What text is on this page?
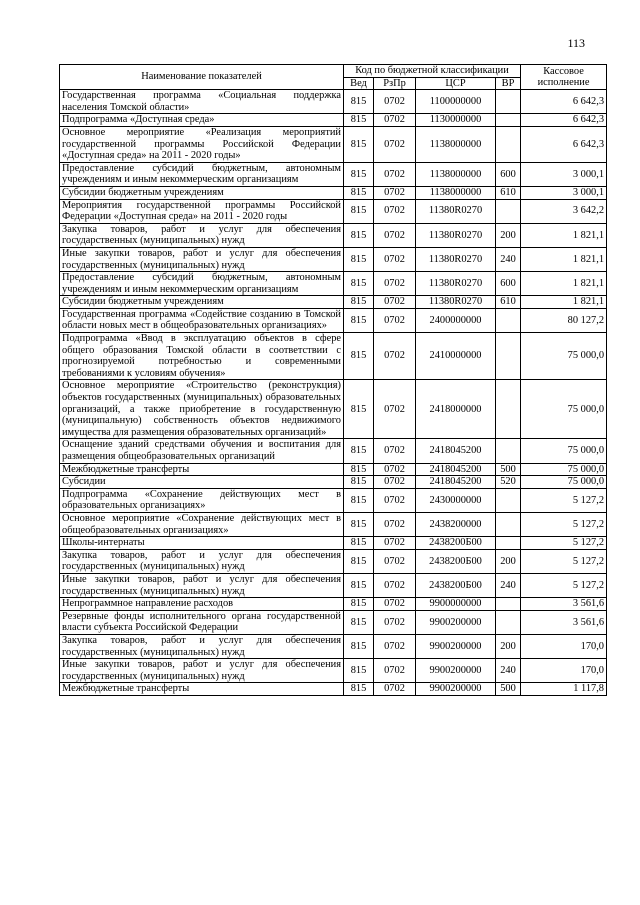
113
Наименование показателей	Код по бюджетной классификации				Кассовое исполнение
	Вед	РзПр	ЦСР	ВР	
Государственная программа «Социальная поддержка населения Томской области»	815	0702	1100000000		6 642,3
Подпрограмма «Доступная среда»	815	0702	1130000000		6 642,3
Основное мероприятие «Реализация мероприятий государственной программы Российской Федерации «Доступная среда» на 2011 - 2020 годы»	815	0702	1138000000		6 642,3
Предоставление субсидий бюджетным, автономным учреждениям и иным некоммерческим организациям	815	0702	1138000000	600	3 000,1
Субсидии бюджетным учреждениям	815	0702	1138000000	610	3 000,1
Мероприятия государственной программы Российской Федерации «Доступная среда» на 2011 - 2020 годы	815	0702	11380R0270		3 642,2
Закупка товаров, работ и услуг для обеспечения государственных (муниципальных) нужд	815	0702	11380R0270	200	1 821,1
Иные закупки товаров, работ и услуг для обеспечения государственных (муниципальных) нужд	815	0702	11380R0270	240	1 821,1
Предоставление субсидий бюджетным, автономным учреждениям и иным некоммерческим организациям	815	0702	11380R0270	600	1 821,1
Субсидии бюджетным учреждениям	815	0702	11380R0270	610	1 821,1
Государственная программа «Содействие созданию в Томской области новых мест в общеобразовательных организациях»	815	0702	2400000000		80 127,2
Подпрограмма «Ввод в эксплуатацию объектов в сфере общего образования Томской области в соответствии с прогнозируемой потребностью и современными требованиями к условиям обучения»	815	0702	2410000000		75 000,0
Основное мероприятие «Строительство (реконструкция) объектов государственных (муниципальных) образовательных организаций, а также приобретение в государственную (муниципальную) собственность объектов недвижимого имущества для размещения образовательных организаций»	815	0702	2418000000		75 000,0
Оснащение зданий средствами обучения и воспитания для размещения общеобразовательных организаций	815	0702	2418045200		75 000,0
Межбюджетные трансферты	815	0702	2418045200	500	75 000,0
Субсидии	815	0702	2418045200	520	75 000,0
Подпрограмма «Сохранение действующих мест в образовательных организациях»	815	0702	2430000000		5 127,2
Основное мероприятие «Сохранение действующих мест в общеобразовательных организациях»	815	0702	2438200000		5 127,2
Школы-интернаты	815	0702	2438200Б00		5 127,2
Закупка товаров, работ и услуг для обеспечения государственных (муниципальных) нужд	815	0702	2438200Б00	200	5 127,2
Иные закупки товаров, работ и услуг для обеспечения государственных (муниципальных) нужд	815	0702	2438200Б00	240	5 127,2
Непрограммное направление расходов	815	0702	9900000000		3 561,6
Резервные фонды исполнительного органа государственной власти субъекта Российской Федерации	815	0702	9900200000		3 561,6
Закупка товаров, работ и услуг для обеспечения государственных (муниципальных) нужд	815	0702	9900200000	200	170,0
Иные закупки товаров, работ и услуг для обеспечения государственных (муниципальных) нужд	815	0702	9900200000	240	170,0
Межбюджетные трансферты	815	0702	9900200000	500	1 117,8
